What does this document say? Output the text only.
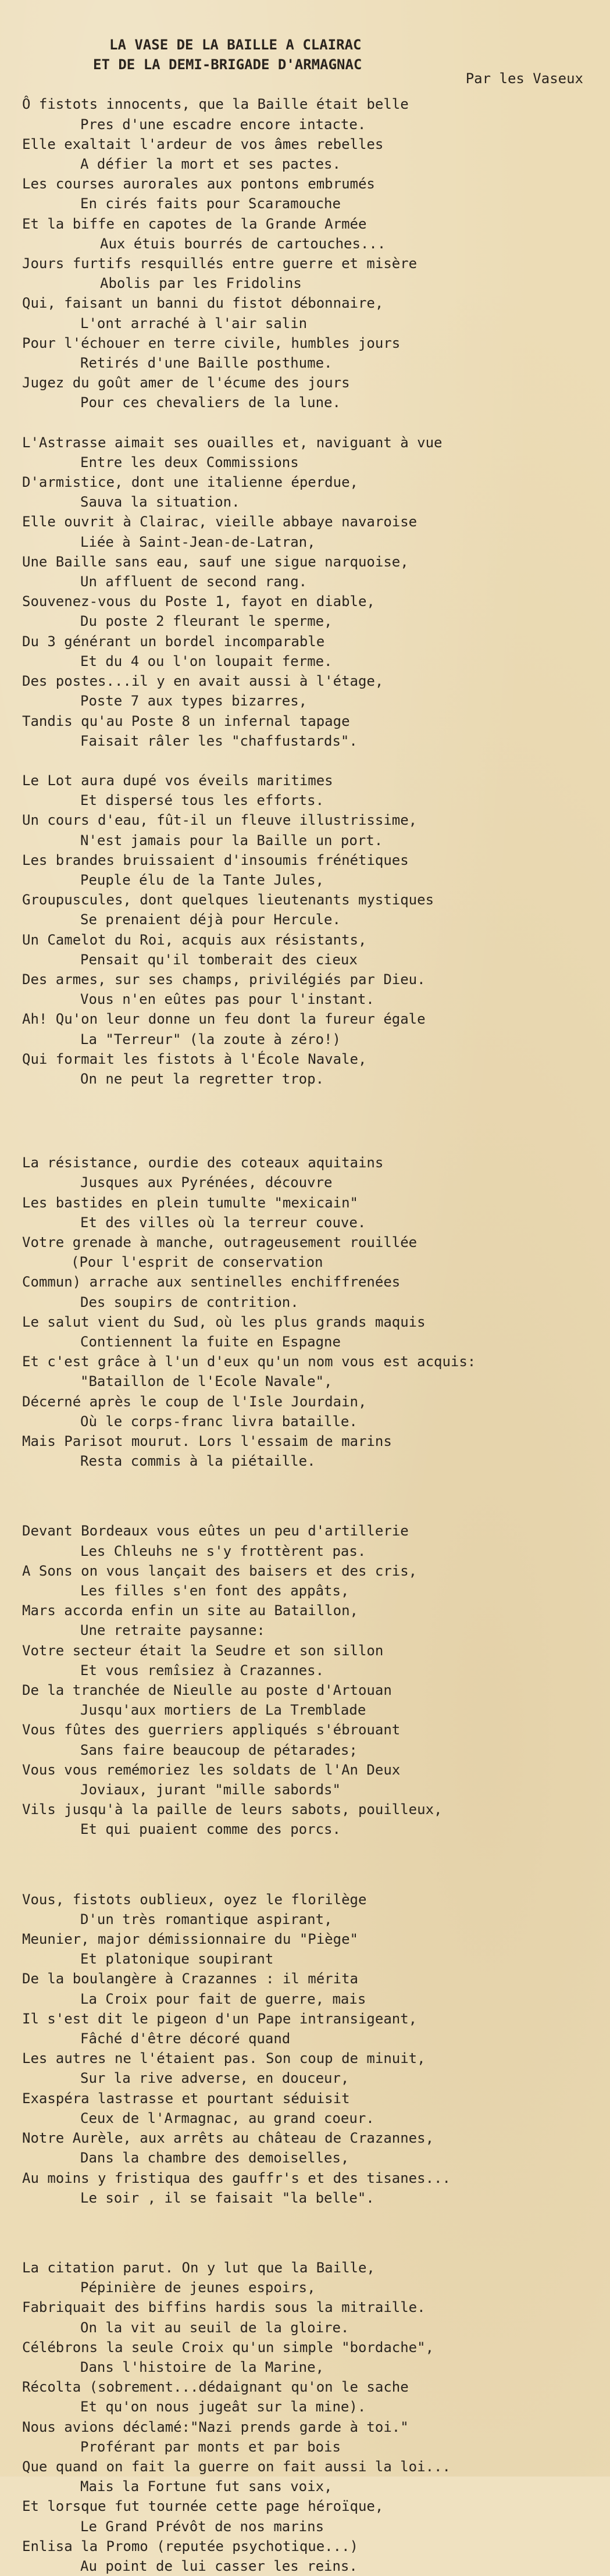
LA VASE DE LA BAILLE A CLAIRAC
ET DE LA DEMI-BRIGADE D'ARMAGNAC
Par les Vaseux
Ô fistots innocents, que la Baille était belle
Pres d'une escadre encore intacte.
Elle exaltait l'ardeur de vos âmes rebelles
A défier la mort et ses pactes.
Les courses aurorales aux pontons embrumés
En cirés faits pour Scaramouche
Et la biffe en capotes de la Grande Armée
Aux étuis bourrés de cartouches...
Jours furtifs resquillés entre guerre et misère
Abolis par les Fridolins
Qui, faisant un banni du fistot débonnaire,
L'ont arraché à l'air salin
Pour l'échouer en terre civile, humbles jours
Retirés d'une Baille posthume.
Jugez du goût amer de l'écume des jours
Pour ces chevaliers de la lune.
L'Astrasse aimait ses ouailles et, naviguant à vue
Entre les deux Commissions
D'armistice, dont une italienne éperdue,
Sauva la situation.
Elle ouvrit à Clairac, vieille abbaye navaroise
Liée à Saint-Jean-de-Latran,
Une Baille sans eau, sauf une sigue narquoise,
Un affluent de second rang.
Souvenez-vous du Poste 1, fayot en diable,
Du poste 2 fleurant le sperme,
Du 3 générant un bordel incomparable
Et du 4 ou l'on loupait ferme.
Des postes...il y en avait aussi à l'étage,
Poste 7 aux types bizarres,
Tandis qu'au Poste 8 un infernal tapage
Faisait râler les "chaffustards".
Le Lot aura dupé vos éveils maritimes
Et dispersé tous les efforts.
Un cours d'eau, fût-il un fleuve illustrissime,
N'est jamais pour la Baille un port.
Les brandes bruissaient d'insoumis frénétiques
Peuple élu de la Tante Jules,
Groupuscules, dont quelques lieutenants mystiques
Se prenaient déjà pour Hercule.
Un Camelot du Roi, acquis aux résistants,
Pensait qu'il tomberait des cieux
Des armes, sur ses champs, privilégiés par Dieu.
Vous n'en eûtes pas pour l'instant.
Ah! Qu'on leur donne un feu dont la fureur égale
La "Terreur" (la zoute à zéro!)
Qui formait les fistots à l'École Navale,
On ne peut la regretter trop.
La résistance, ourdie des coteaux aquitains
Jusques aux Pyrénées, découvre
Les bastides en plein tumulte "mexicain"
Et des villes où la terreur couve.
Votre grenade à manche, outrageusement rouillée
(Pour l'esprit de conservation
Commun) arrache aux sentinelles enchiffrenées
Des soupirs de contrition.
Le salut vient du Sud, où les plus grands maquis
Contiennent la fuite en Espagne
Et c'est grâce à l'un d'eux qu'un nom vous est acquis:
"Bataillon de l'Ecole Navale",
Décerné après le coup de l'Isle Jourdain,
Où le corps-franc livra bataille.
Mais Parisot mourut. Lors l'essaim de marins
Resta commis à la piétaille.
Devant Bordeaux vous eûtes un peu d'artillerie
Les Chleuhs ne s'y frottèrent pas.
A Sons on vous lançait des baisers et des cris,
Les filles s'en font des appâts,
Mars accorda enfin un site au Bataillon,
Une retraite paysanne:
Votre secteur était la Seudre et son sillon
Et vous remîsiez à Crazannes.
De la tranchée de Nieulle au poste d'Artouan
Jusqu'aux mortiers de La Tremblade
Vous fûtes des guerriers appliqués s'ébrouant
Sans faire beaucoup de pétarades;
Vous vous remémoriez les soldats de l'An Deux
Joviaux, jurant "mille sabords"
Vils jusqu'à la paille de leurs sabots, pouilleux,
Et qui puaient comme des porcs.
Vous, fistots oublieux, oyez le florilège
D'un très romantique aspirant,
Meunier, major démissionnaire du "Piège"
Et platonique soupirant
De la boulangère à Crazannes : il mérita
La Croix pour fait de guerre, mais
Il s'est dit le pigeon d'un Pape intransigeant,
Fâché d'être décoré quand
Les autres ne l'étaient pas. Son coup de minuit,
Sur la rive adverse, en douceur,
Exaspéra lastrasse et pourtant séduisit
Ceux de l'Armagnac, au grand coeur.
Notre Aurèle, aux arrêts au château de Crazannes,
Dans la chambre des demoiselles,
Au moins y fristiqua des gauffr's et des tisanes...
Le soir , il se faisait "la belle".
La citation parut. On y lut que la Baille,
Pépinière de jeunes espoirs,
Fabriquait des biffins hardis sous la mitraille.
On la vit au seuil de la gloire.
Célébrons la seule Croix qu'un simple "bordache",
Dans l'histoire de la Marine,
Récolta (sobrement...dédaignant qu'on le sache
Et qu'on nous jugeât sur la mine).
Nous avions déclamé:"Nazi prends garde à toi."
Proférant par monts et par bois
Que quand on fait la guerre on fait aussi la loi...
Mais la Fortune fut sans voix,
Et lorsque fut tournée cette page héroïque,
Le Grand Prévôt de nos marins
Enlisa la Promo (reputée psychotique...)
Au point de lui casser les reins.
